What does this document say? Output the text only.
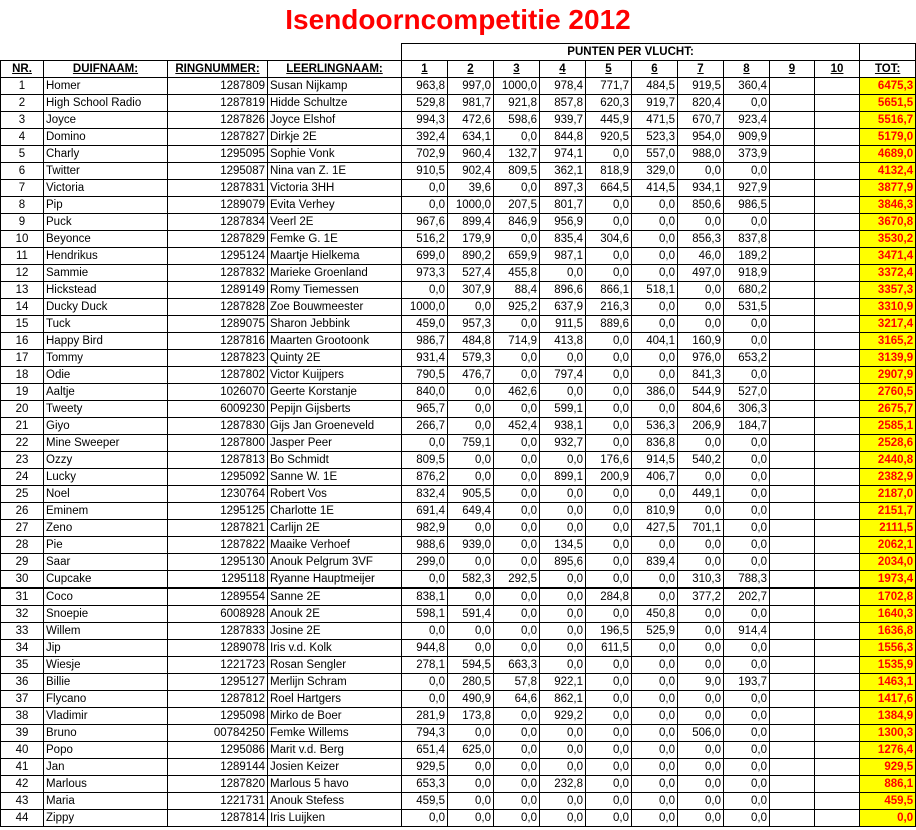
Isendoorncompetitie 2012
				PUNTEN PER VLUCHT:										
NR.	DUIFNAAM:	RINGNUMMER:	LEERLINGNAAM:	1	2	3	4	5	6	7	8	9	10	TOT:
1	Homer	1287809	Susan Nijkamp	963,8	997,0	1000,0	978,4	771,7	484,5	919,5	360,4			6475,3
2	High School Radio	1287819	Hidde Schultze	529,8	981,7	921,8	857,8	620,3	919,7	820,4	0,0			5651,5
3	Joyce	1287826	Joyce Elshof	994,3	472,6	598,6	939,7	445,9	471,5	670,7	923,4			5516,7
4	Domino	1287827	Dirkje 2E	392,4	634,1	0,0	844,8	920,5	523,3	954,0	909,9			5179,0
5	Charly	1295095	Sophie Vonk	702,9	960,4	132,7	974,1	0,0	557,0	988,0	373,9			4689,0
6	Twitter	1295087	Nina van Z. 1E	910,5	902,4	809,5	362,1	818,9	329,0	0,0	0,0			4132,4
7	Victoria	1287831	Victoria 3HH	0,0	39,6	0,0	897,3	664,5	414,5	934,1	927,9			3877,9
8	Pip	1289079	Evita Verhey	0,0	1000,0	207,5	801,7	0,0	0,0	850,6	986,5			3846,3
9	Puck	1287834	Veerl 2E	967,6	899,4	846,9	956,9	0,0	0,0	0,0	0,0			3670,8
10	Beyonce	1287829	Femke G. 1E	516,2	179,9	0,0	835,4	304,6	0,0	856,3	837,8			3530,2
11	Hendrikus	1295124	Maartje Hielkema	699,0	890,2	659,9	987,1	0,0	0,0	46,0	189,2			3471,4
12	Sammie	1287832	Marieke Groenland	973,3	527,4	455,8	0,0	0,0	0,0	497,0	918,9			3372,4
13	Hickstead	1289149	Romy Tiemessen	0,0	307,9	88,4	896,6	866,1	518,1	0,0	680,2			3357,3
14	Ducky Duck	1287828	Zoe Bouwmeester	1000,0	0,0	925,2	637,9	216,3	0,0	0,0	531,5			3310,9
15	Tuck	1289075	Sharon Jebbink	459,0	957,3	0,0	911,5	889,6	0,0	0,0	0,0			3217,4
16	Happy Bird	1287816	Maarten Grootoonk	986,7	484,8	714,9	413,8	0,0	404,1	160,9	0,0			3165,2
17	Tommy	1287823	Quinty 2E	931,4	579,3	0,0	0,0	0,0	0,0	976,0	653,2			3139,9
18	Odie	1287802	Victor Kuijpers	790,5	476,7	0,0	797,4	0,0	0,0	841,3	0,0			2907,9
19	Aaltje	1026070	Geerte Korstanje	840,0	0,0	462,6	0,0	0,0	386,0	544,9	527,0			2760,5
20	Tweety	6009230	Pepijn Gijsberts	965,7	0,0	0,0	599,1	0,0	0,0	804,6	306,3			2675,7
21	Giyo	1287830	Gijs Jan Groeneveld	266,7	0,0	452,4	938,1	0,0	536,3	206,9	184,7			2585,1
22	Mine Sweeper	1287800	Jasper Peer	0,0	759,1	0,0	932,7	0,0	836,8	0,0	0,0			2528,6
23	Ozzy	1287813	Bo Schmidt	809,5	0,0	0,0	0,0	176,6	914,5	540,2	0,0			2440,8
24	Lucky	1295092	Sanne W. 1E	876,2	0,0	0,0	899,1	200,9	406,7	0,0	0,0			2382,9
25	Noel	1230764	Robert Vos	832,4	905,5	0,0	0,0	0,0	0,0	449,1	0,0			2187,0
26	Eminem	1295125	Charlotte 1E	691,4	649,4	0,0	0,0	0,0	810,9	0,0	0,0			2151,7
27	Zeno	1287821	Carlijn 2E	982,9	0,0	0,0	0,0	0,0	427,5	701,1	0,0			2111,5
28	Pie	1287822	Maaike Verhoef	988,6	939,0	0,0	134,5	0,0	0,0	0,0	0,0			2062,1
29	Saar	1295130	Anouk Pelgrum 3VF	299,0	0,0	0,0	895,6	0,0	839,4	0,0	0,0			2034,0
30	Cupcake	1295118	Ryanne Hauptmeijer	0,0	582,3	292,5	0,0	0,0	0,0	310,3	788,3			1973,4
31	Coco	1289554	Sanne 2E	838,1	0,0	0,0	0,0	284,8	0,0	377,2	202,7			1702,8
32	Snoepie	6008928	Anouk 2E	598,1	591,4	0,0	0,0	0,0	450,8	0,0	0,0			1640,3
33	Willem	1287833	Josine 2E	0,0	0,0	0,0	0,0	196,5	525,9	0,0	914,4			1636,8
34	Jip	1289078	Iris v.d. Kolk	944,8	0,0	0,0	0,0	611,5	0,0	0,0	0,0			1556,3
35	Wiesje	1221723	Rosan Sengler	278,1	594,5	663,3	0,0	0,0	0,0	0,0	0,0			1535,9
36	Billie	1295127	Merlijn Schram	0,0	280,5	57,8	922,1	0,0	0,0	9,0	193,7			1463,1
37	Flycano	1287812	Roel Hartgers	0,0	490,9	64,6	862,1	0,0	0,0	0,0	0,0			1417,6
38	Vladimir	1295098	Mirko de Boer	281,9	173,8	0,0	929,2	0,0	0,0	0,0	0,0			1384,9
39	Bruno	00784250	Femke Willems	794,3	0,0	0,0	0,0	0,0	0,0	506,0	0,0			1300,3
40	Popo	1295086	Marit v.d. Berg	651,4	625,0	0,0	0,0	0,0	0,0	0,0	0,0			1276,4
41	Jan	1289144	Josien Keizer	929,5	0,0	0,0	0,0	0,0	0,0	0,0	0,0			929,5
42	Marlous	1287820	Marlous 5 havo	653,3	0,0	0,0	232,8	0,0	0,0	0,0	0,0			886,1
43	Maria	1221731	Anouk Stefess	459,5	0,0	0,0	0,0	0,0	0,0	0,0	0,0			459,5
44	Zippy	1287814	Iris Luijken	0,0	0,0	0,0	0,0	0,0	0,0	0,0	0,0			0,0
